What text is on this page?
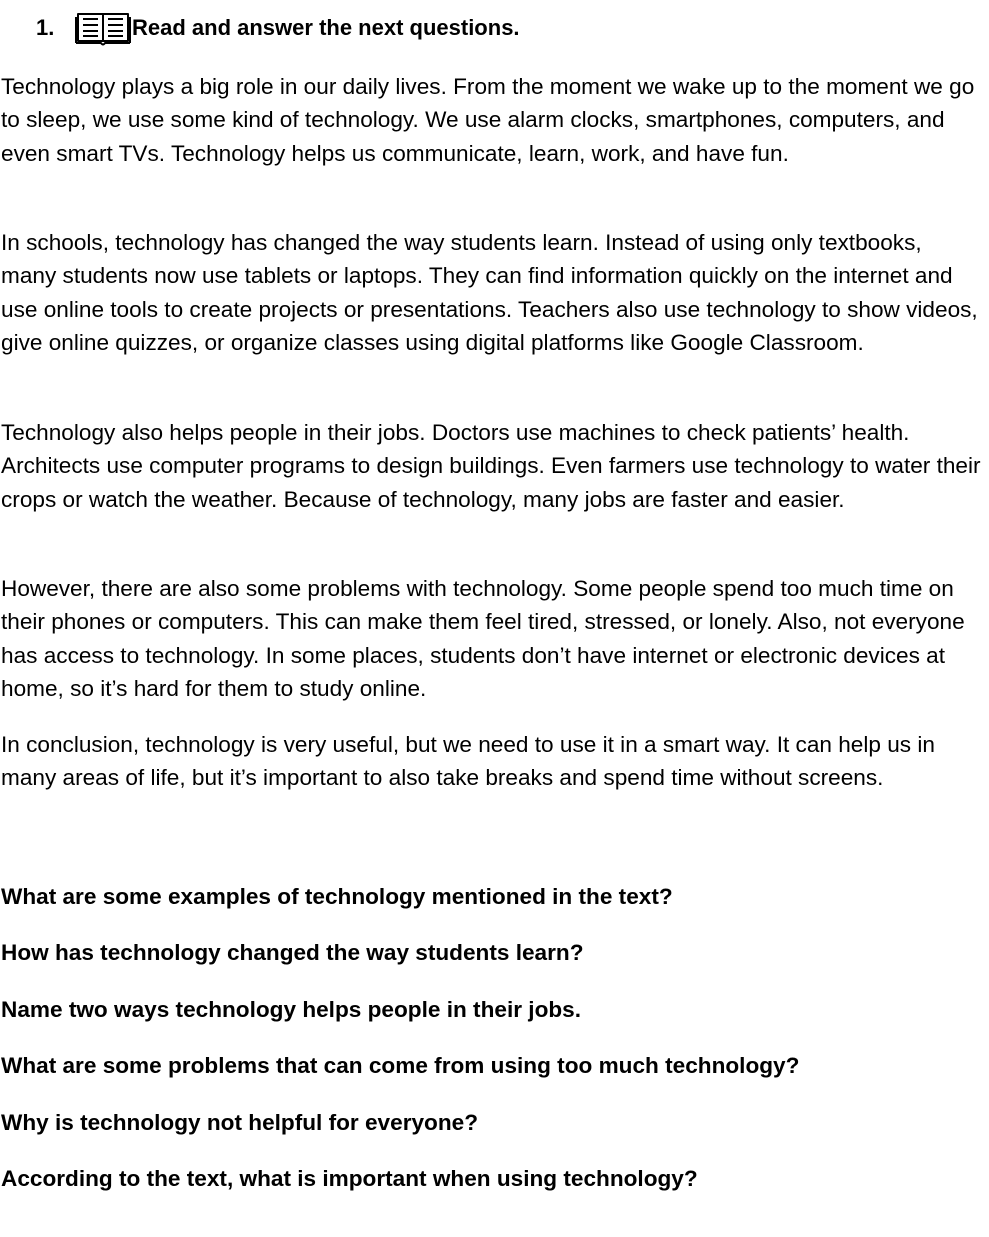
1.	Read and answer the next questions.

Technology plays a big role in our daily lives. From the moment we wake up to the moment we go to sleep, we use some kind of technology. We use alarm clocks, smartphones, computers, and even smart TVs. Technology helps us communicate, learn, work, and have fun.

In schools, technology has changed the way students learn. Instead of using only textbooks, many students now use tablets or laptops. They can find information quickly on the internet and use online tools to create projects or presentations. Teachers also use technology to show videos, give online quizzes, or organize classes using digital platforms like Google Classroom.

Technology also helps people in their jobs. Doctors use machines to check patients’ health. Architects use computer programs to design buildings. Even farmers use technology to water their crops or watch the weather. Because of technology, many jobs are faster and easier.

However, there are also some problems with technology. Some people spend too much time on their phones or computers. This can make them feel tired, stressed, or lonely. Also, not everyone has access to technology. In some places, students don’t have internet or electronic devices at home, so it’s hard for them to study online.

In conclusion, technology is very useful, but we need to use it in a smart way. It can help us in many areas of life, but it’s important to also take breaks and spend time without screens.

What are some examples of technology mentioned in the text?

How has technology changed the way students learn?

Name two ways technology helps people in their jobs.

What are some problems that can come from using too much technology?

Why is technology not helpful for everyone?

According to the text, what is important when using technology?
